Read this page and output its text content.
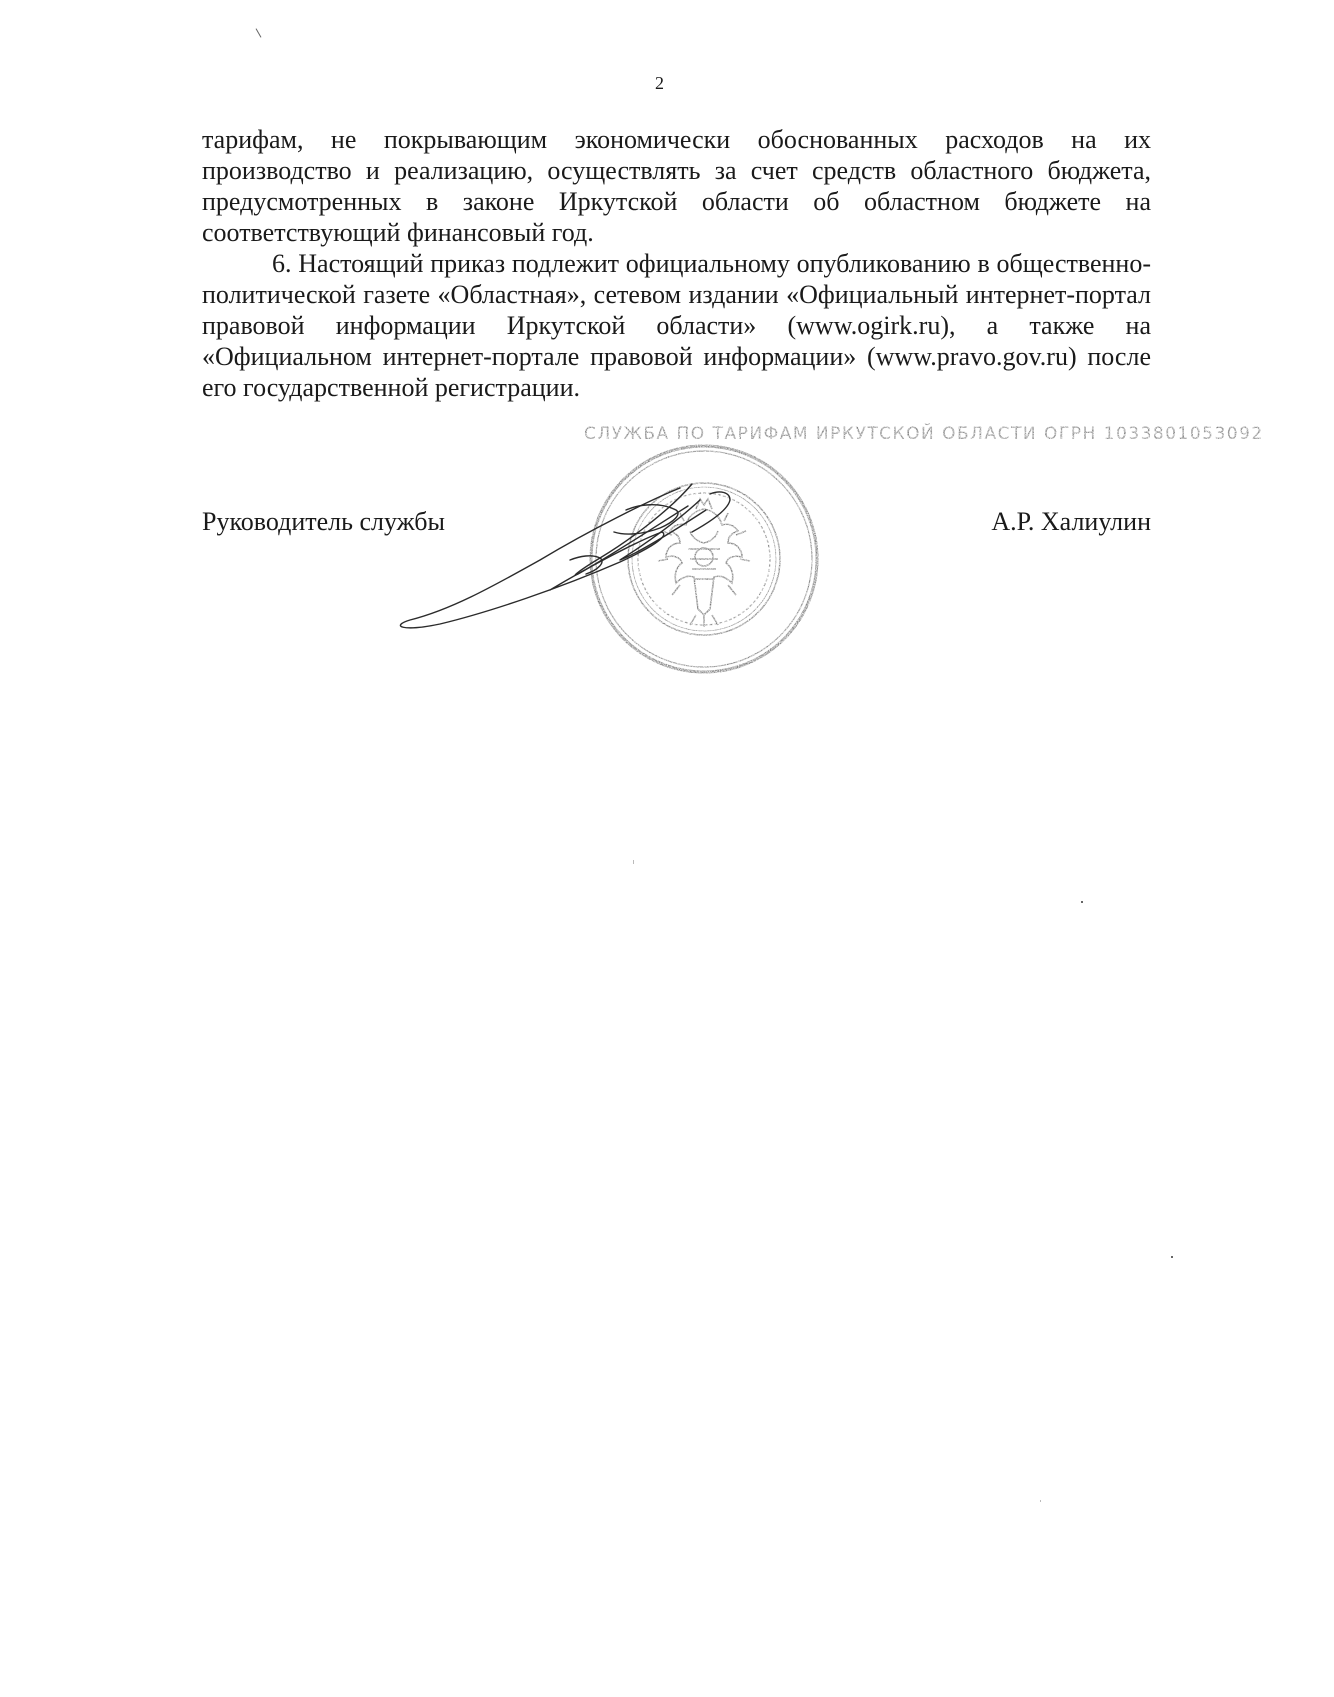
2

тарифам, не покрывающим экономически обоснованных расходов на их производство и реализацию, осуществлять за счет средств областного бюджета, предусмотренных в законе Иркутской области об областном бюджете на соответствующий финансовый год.

6. Настоящий приказ подлежит официальному опубликованию в общественно-политической газете «Областная», сетевом издании «Официальный интернет-портал правовой информации Иркутской области» (www.ogirk.ru), а также на «Официальном интернет-портале правовой информации» (www.pravo.gov.ru) после его государственной регистрации.

СЛУЖБА ПО ТАРИФАМ ИРКУТСКОЙ ОБЛАСТИ ОГРН 1033801053092
Руководитель службы	А.Р. Халиулин
